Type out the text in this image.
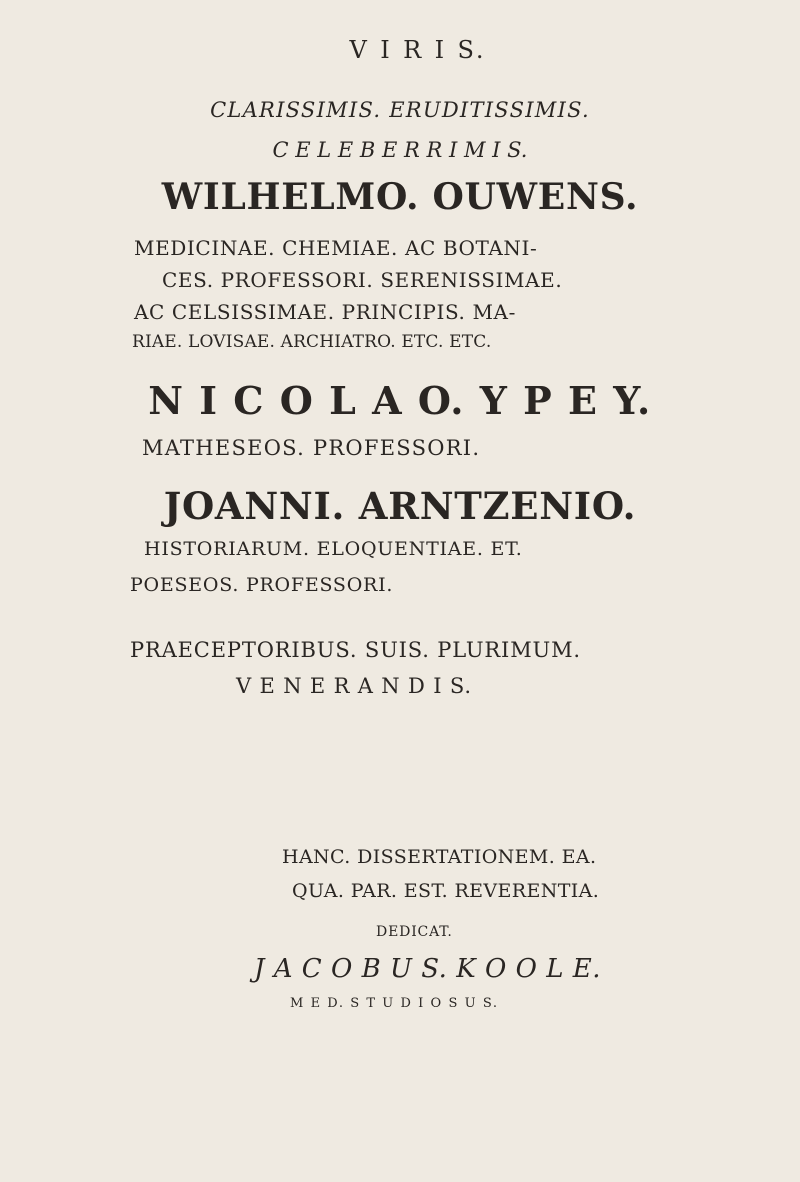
V I R I S.
CLARISSIMIS. ERUDITISSIMIS.
C E L E B E R R I M I S.
WILHELMO. OUWENS.
MEDICINAE. CHEMIAE. AC BOTANI-
CES. PROFESSORI. SERENISSIMAE.
AC CELSISSIMAE. PRINCIPIS. MA-
RIAE. LOVISAE. ARCHIATRO. ETC. ETC.
N I C O L A O. Y P E Y.
MATHESEOS. PROFESSORI.
JOANNI. ARNTZENIO.
HISTORIARUM. ELOQUENTIAE. ET.
POESEOS. PROFESSORI.
PRAECEPTORIBUS. SUIS. PLURIMUM.
V E N E R A N D I S.
HANC. DISSERTATIONEM. EA.
QUA. PAR. EST. REVERENTIA.
DEDICAT.
J A C O B U S. K O O L E.
M E D. S T U D I O S U S.
